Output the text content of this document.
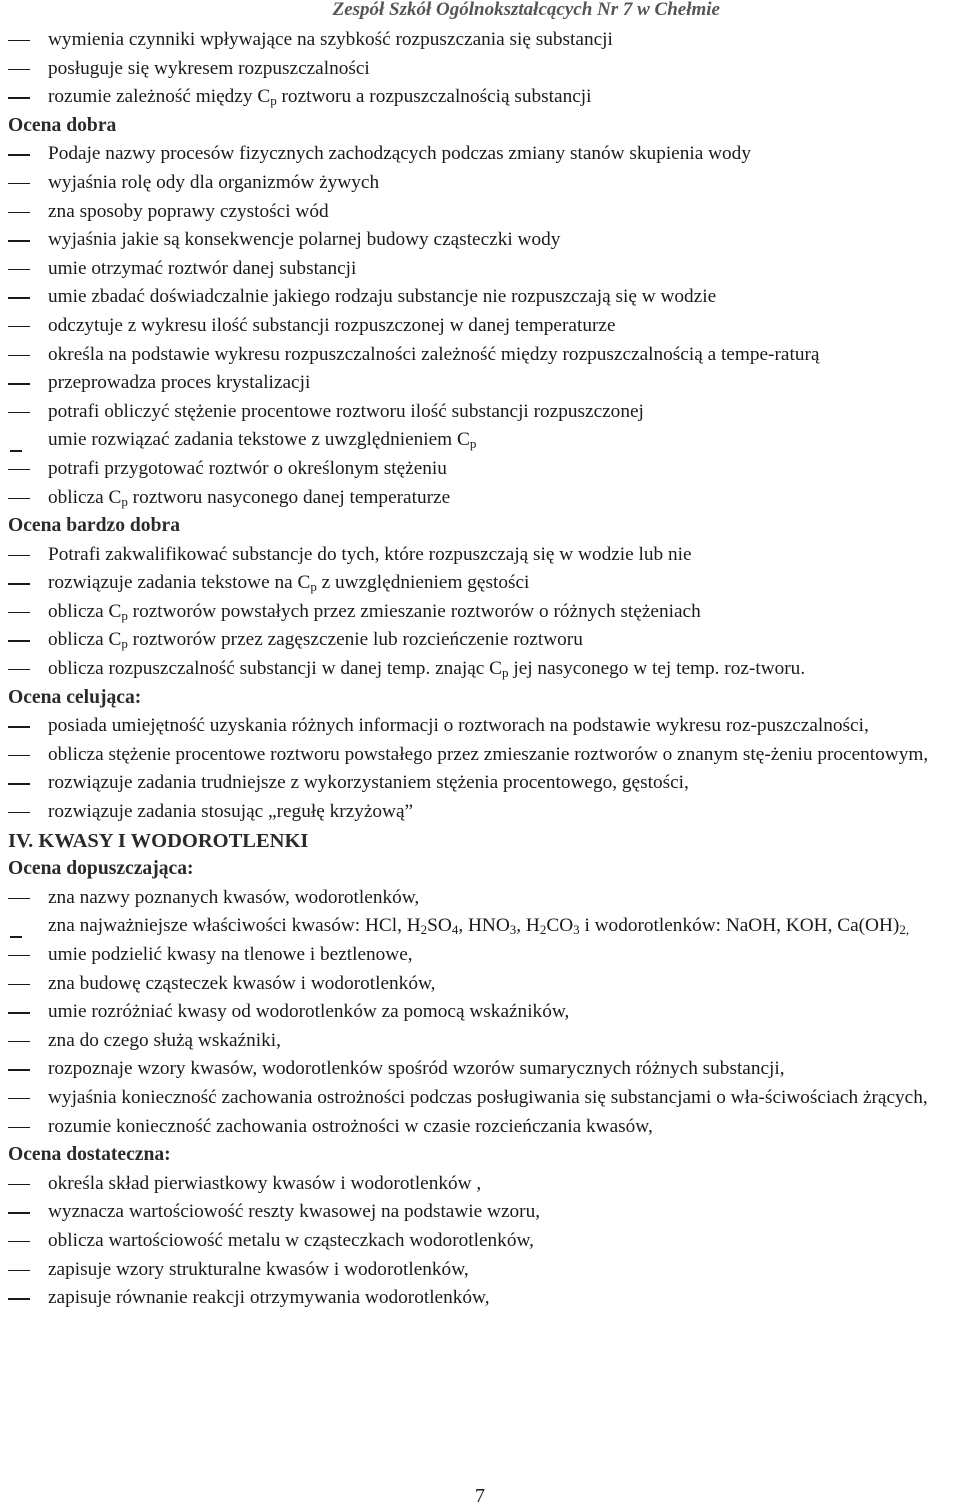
Zespół Szkół Ogólnokształcących Nr 7 w Chełmie
wymienia czynniki wpływające na szybkość rozpuszczania się substancji
posługuje się wykresem rozpuszczalności
rozumie zależność między $C_p$ roztworu a rozpuszczalnością substancji
Ocena dobra
Podaje nazwy procesów fizycznych zachodzących podczas zmiany stanów skupienia wody
wyjaśnia rolę ody dla organizmów żywych
zna sposoby poprawy czystości wód
wyjaśnia jakie są konsekwencje polarnej budowy cząsteczki wody
umie otrzymać roztwór danej substancji
umie zbadać doświadczalnie jakiego rodzaju substancje nie rozpuszczają się w wodzie
odczytuje z wykresu ilość substancji rozpuszczonej w danej temperaturze
określa na podstawie wykresu rozpuszczalności zależność między rozpuszczalnością a tempe-raturą
przeprowadza proces krystalizacji
potrafi obliczyć stężenie procentowe roztworu ilość substancji rozpuszczonej
umie rozwiązać zadania tekstowe z uwzględnieniem $C_p$
potrafi przygotować roztwór o określonym stężeniu
oblicza $C_p$ roztworu nasyconego danej temperaturze
Ocena bardzo dobra
Potrafi zakwalifikować substancje do tych, które rozpuszczają się w wodzie lub nie
rozwiązuje zadania tekstowe na $C_p$ z uwzględnieniem gęstości
oblicza $C_p$ roztworów powstałych przez zmieszanie roztworów o różnych stężeniach
oblicza $C_p$ roztworów przez zagęszczenie lub rozcieńczenie roztworu
oblicza rozpuszczalność substancji w danej temp. znając $C_p$ jej nasyconego w tej temp. roz-tworu.
Ocena celująca:
posiada umiejętność uzyskania różnych informacji o roztworach na podstawie wykresu roz-puszczalności,
oblicza stężenie procentowe roztworu powstałego przez zmieszanie roztworów o znanym stę-żeniu procentowym,
rozwiązuje zadania trudniejsze z wykorzystaniem stężenia procentowego, gęstości,
rozwiązuje zadania stosując „regułę krzyżową”
IV. KWASY I WODOROTLENKI
Ocena dopuszczająca:
zna nazwy poznanych kwasów, wodorotlenków,
zna najważniejsze właściwości kwasów: HCl, $H_2SO_4$, $HNO_3$, $H_2CO_3$ i wodorotlenków: NaOH, KOH, $Ca(OH)_{2,}$
umie podzielić kwasy na tlenowe i beztlenowe,
zna budowę cząsteczek kwasów i wodorotlenków,
umie rozróżniać kwasy od wodorotlenków za pomocą wskaźników,
zna do czego służą wskaźniki,
rozpoznaje wzory kwasów, wodorotlenków spośród wzorów sumarycznych różnych substancji,
wyjaśnia konieczność zachowania ostrożności podczas posługiwania się substancjami o wła-ściwościach żrących,
rozumie konieczność zachowania ostrożności w czasie rozcieńczania kwasów,
Ocena dostateczna:
określa skład pierwiastkowy kwasów i wodorotlenków ,
wyznacza wartościowość reszty kwasowej na podstawie wzoru,
oblicza wartościowość metalu w cząsteczkach wodorotlenków,
zapisuje wzory strukturalne kwasów i wodorotlenków,
zapisuje równanie reakcji otrzymywania wodorotlenków,
7
